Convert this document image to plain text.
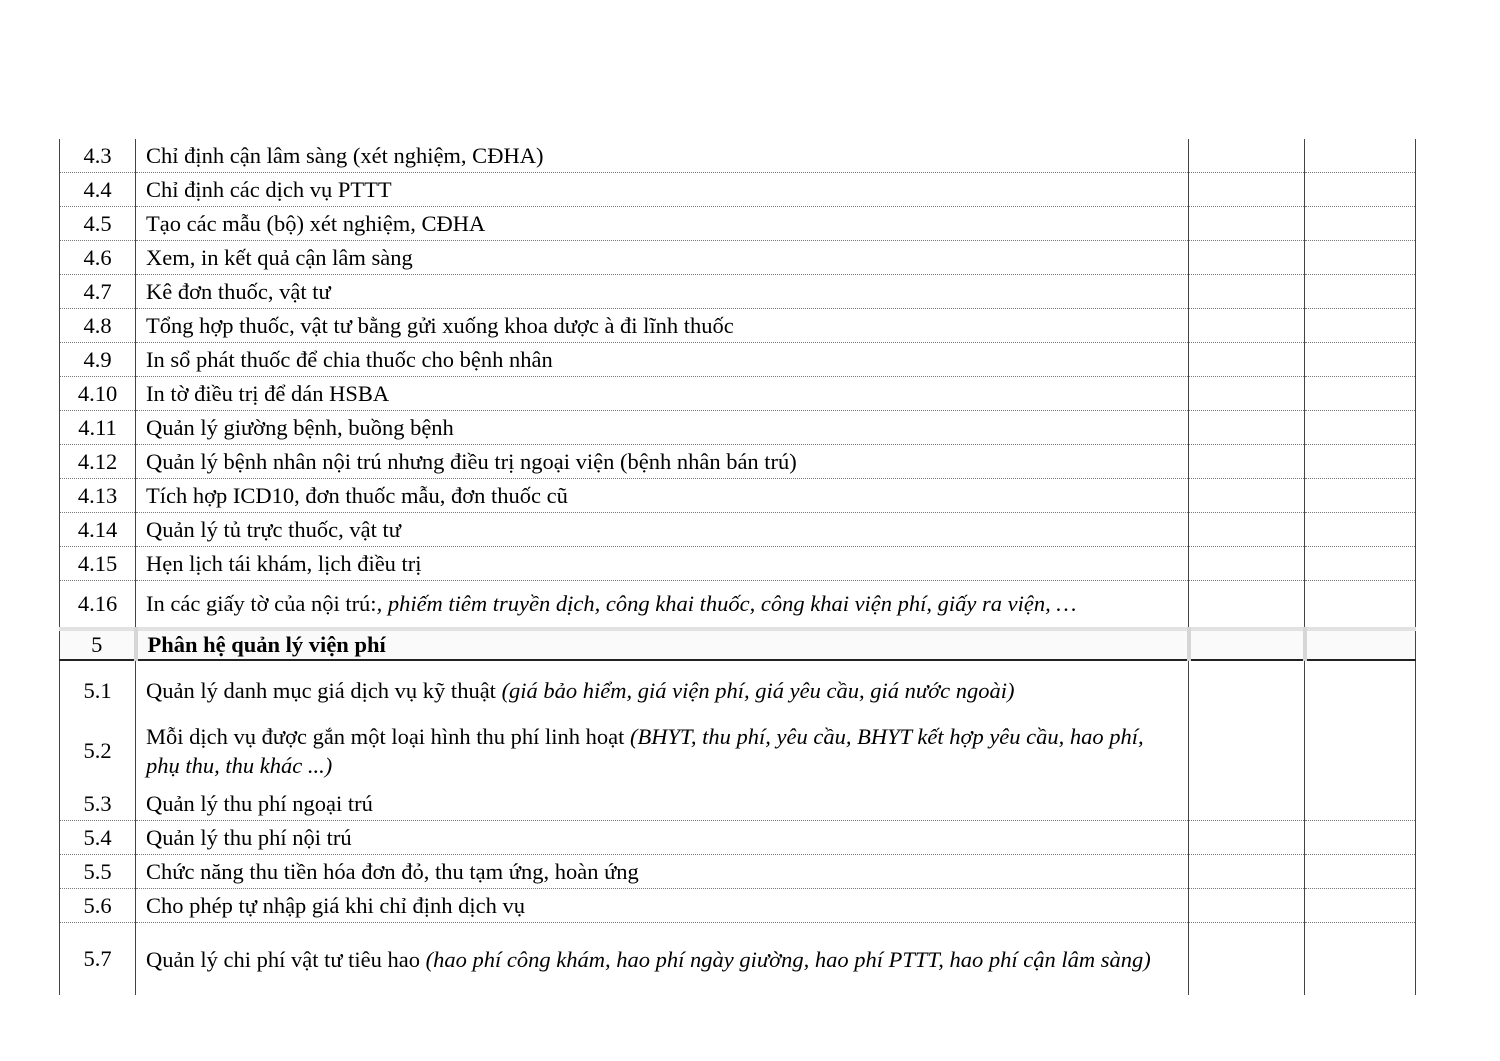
4.3	Chỉ định cận lâm sàng (xét nghiệm, CĐHA)		
4.4	Chỉ định các dịch vụ PTTT		
4.5	Tạo các mẫu (bộ) xét nghiệm, CĐHA		
4.6	Xem, in kết quả cận lâm sàng		
4.7	Kê đơn thuốc, vật tư		
4.8	Tổng hợp thuốc, vật tư bằng gửi xuống khoa dược à đi lĩnh thuốc		
4.9	In sổ phát thuốc để chia thuốc cho bệnh nhân		
4.10	In tờ điều trị để dán HSBA		
4.11	Quản lý giường bệnh, buồng bệnh		
4.12	Quản lý bệnh nhân nội trú nhưng điều trị ngoại viện (bệnh nhân bán trú)		
4.13	Tích hợp ICD10, đơn thuốc mẫu, đơn thuốc cũ		
4.14	Quản lý tủ trực thuốc, vật tư		
4.15	Hẹn lịch tái khám, lịch điều trị		
4.16	In các giấy tờ của nội trú:, phiếm tiêm truyền dịch, công khai thuốc, công khai viện phí, giấy ra viện, …		
5	Phân hệ quản lý viện phí		
5.1	Quản lý danh mục giá dịch vụ kỹ thuật (giá bảo hiểm, giá viện phí, giá yêu cầu, giá nước ngoài)		
5.2	Mỗi dịch vụ được gắn một loại hình thu phí linh hoạt (BHYT, thu phí, yêu cầu, BHYT kết hợp yêu cầu, hao phí, phụ thu, thu khác ...)		
5.3	Quản lý thu phí ngoại trú		
5.4	Quản lý thu phí nội trú		
5.5	Chức năng thu tiền hóa đơn đỏ, thu tạm ứng, hoàn ứng		
5.6	Cho phép tự nhập giá khi chỉ định dịch vụ		
5.7	Quản lý chi phí vật tư tiêu hao (hao phí công khám, hao phí ngày giường, hao phí PTTT, hao phí cận lâm sàng)		
